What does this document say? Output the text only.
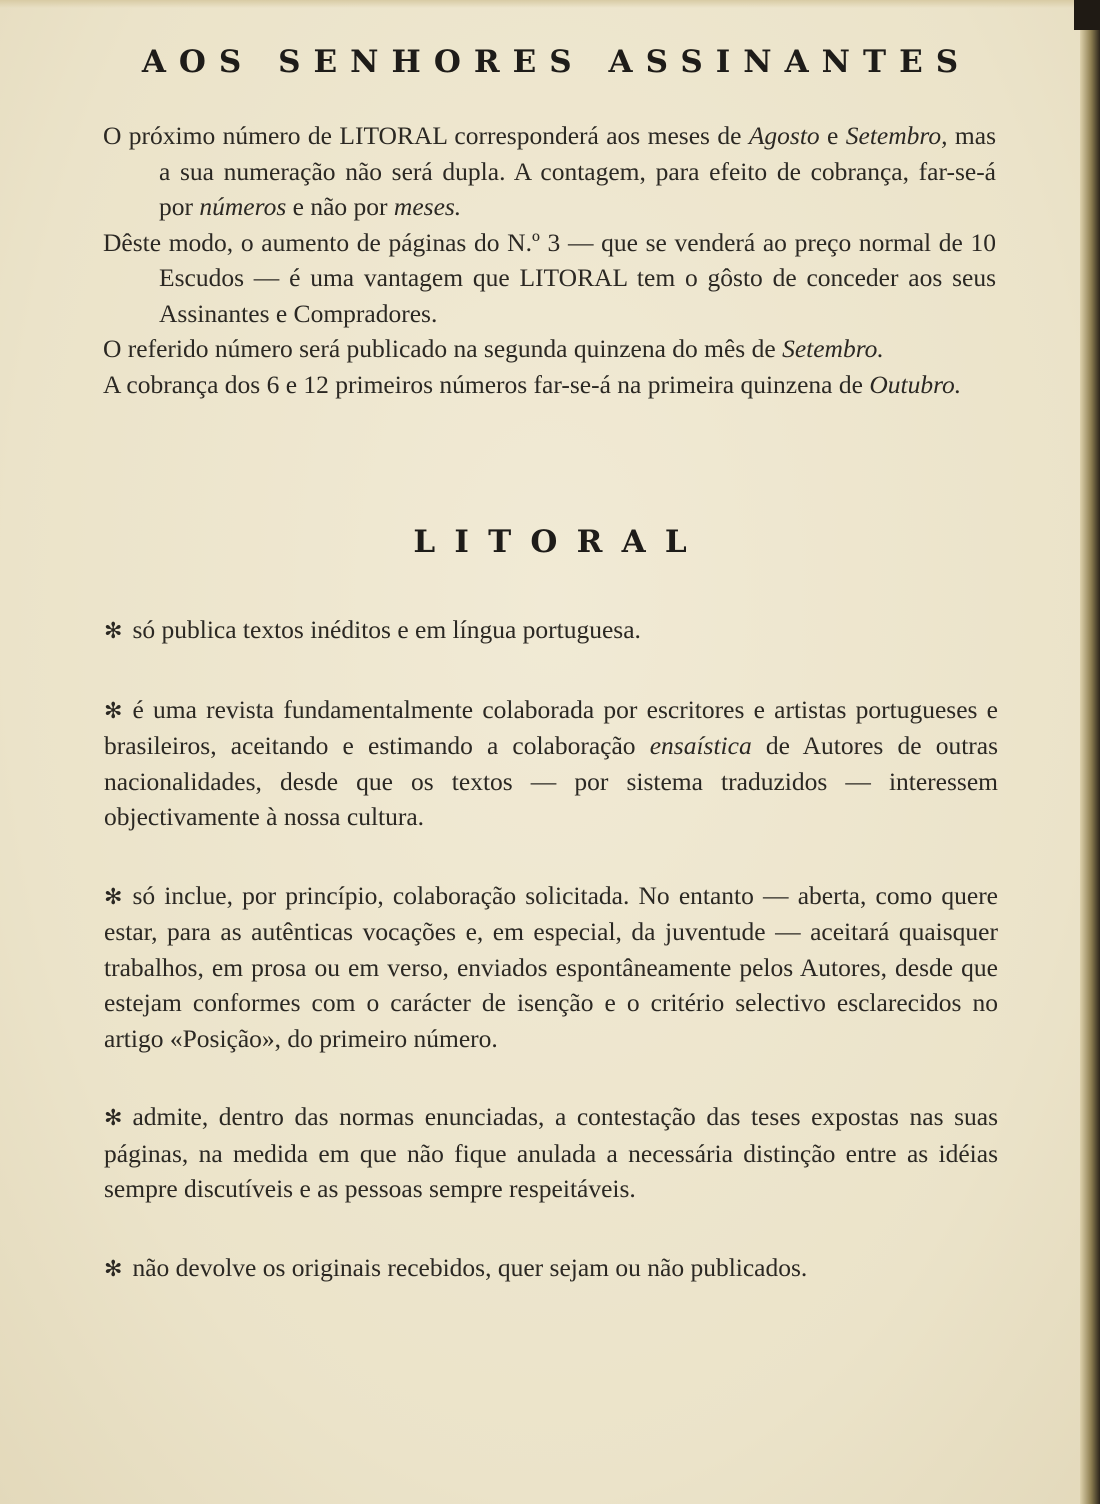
AOS SENHORES ASSINANTES

O próximo número de LITORAL corresponderá aos meses de Agosto e Setembro, mas a sua numeração não será dupla. A contagem, para efeito de cobrança, far-se-á por números e não por meses.

Dêste modo, o aumento de páginas do N.º 3 — que se venderá ao preço normal de 10 Escudos — é uma vantagem que LITORAL tem o gôsto de conceder aos seus Assinantes e Compradores.

O referido número será publicado na segunda quinzena do mês de Setembro.

A cobrança dos 6 e 12 primeiros números far-se-á na primeira quinzena de Outubro.

LITORAL

✻ só publica textos inéditos e em língua portuguesa.

✻ é uma revista fundamentalmente colaborada por escritores e artistas portugueses e brasileiros, aceitando e estimando a colaboração ensaística de Autores de outras nacionalidades, desde que os textos — por sistema traduzidos — interessem objectivamente à nossa cultura.

✻ só inclue, por princípio, colaboração solicitada. No entanto — aberta, como quere estar, para as autênticas vocações e, em especial, da juventude — aceitará quaisquer trabalhos, em prosa ou em verso, enviados espontâneamente pelos Autores, desde que estejam conformes com o carácter de isenção e o critério selectivo esclarecidos no artigo «Posição», do primeiro número.

✻ admite, dentro das normas enunciadas, a contestação das teses expostas nas suas páginas, na medida em que não fique anulada a necessária distinção entre as idéias sempre discutíveis e as pessoas sempre respeitáveis.

✻ não devolve os originais recebidos, quer sejam ou não publicados.
